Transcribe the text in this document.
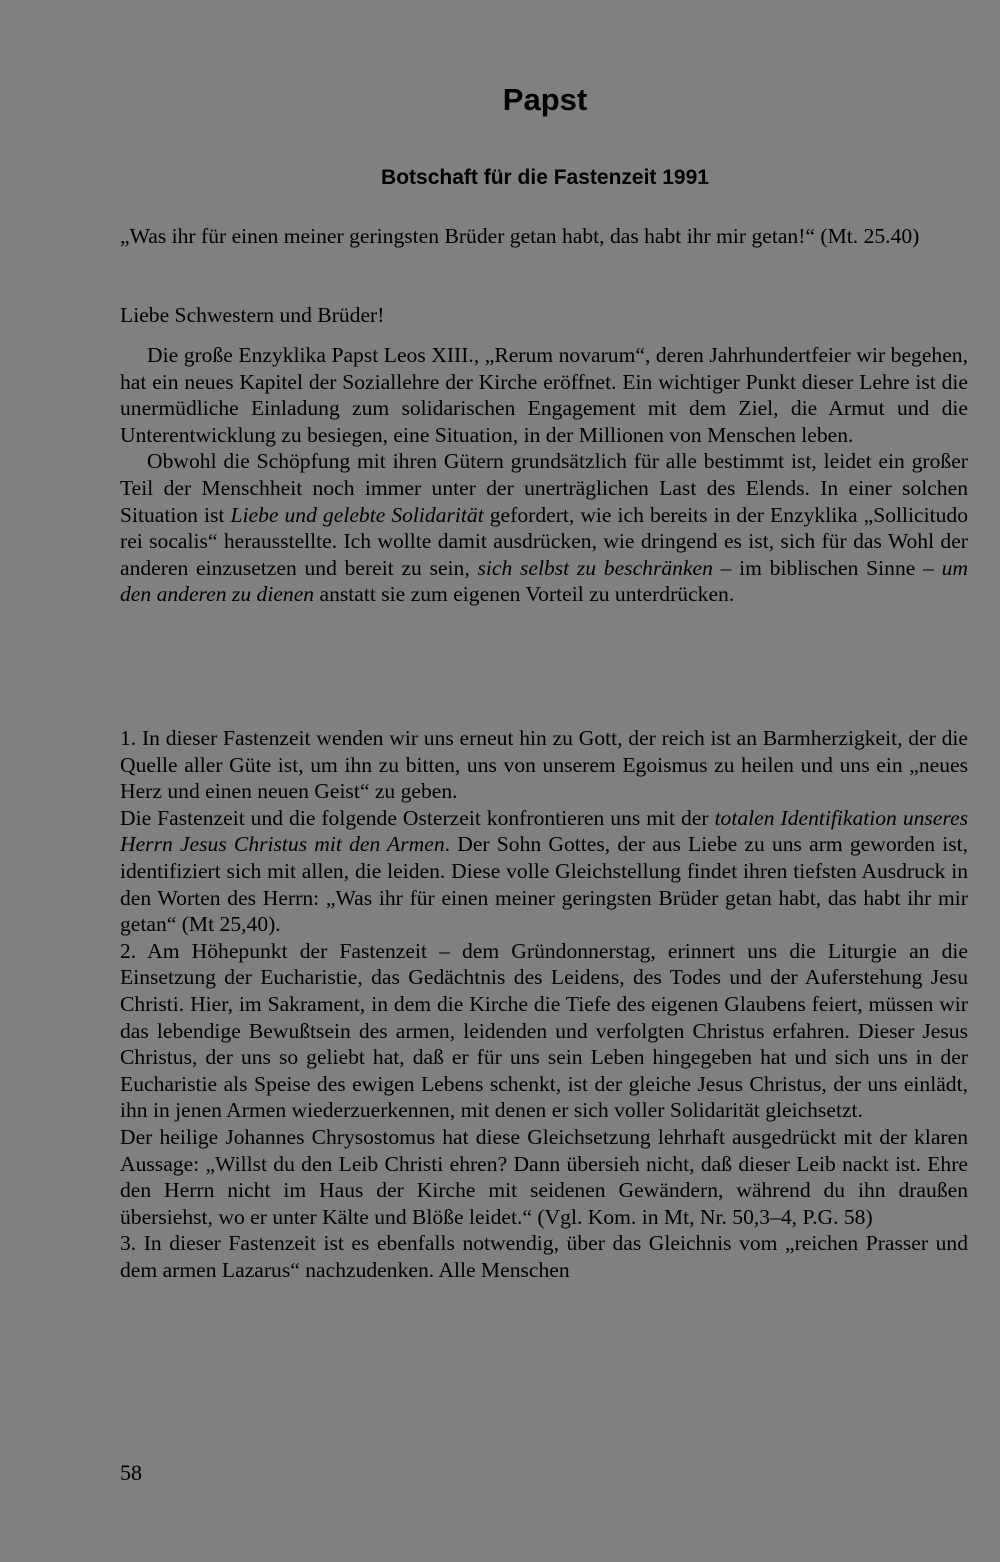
Papst
Botschaft für die Fastenzeit 1991

„Was ihr für einen meiner geringsten Brüder getan habt, das habt ihr mir getan!“ (Mt. 25.40)

Liebe Schwestern und Brüder!

Die große Enzyklika Papst Leos XIII., „Rerum novarum“, deren Jahrhundertfeier wir begehen, hat ein neues Kapitel der Soziallehre der Kirche eröffnet. Ein wichtiger Punkt dieser Lehre ist die unermüdliche Einladung zum solidarischen Engagement mit dem Ziel, die Armut und die Unterentwicklung zu besiegen, eine Situation, in der Millionen von Menschen leben.

Obwohl die Schöpfung mit ihren Gütern grundsätzlich für alle bestimmt ist, leidet ein großer Teil der Menschheit noch immer unter der unerträglichen Last des Elends. In einer solchen Situation ist Liebe und gelebte Solidarität gefordert, wie ich bereits in der Enzyklika „Sollicitudo rei socalis“ herausstellte. Ich wollte damit ausdrücken, wie dringend es ist, sich für das Wohl der anderen einzusetzen und bereit zu sein, sich selbst zu beschränken – im biblischen Sinne – um den anderen zu dienen anstatt sie zum eigenen Vorteil zu unterdrücken.

1. In dieser Fastenzeit wenden wir uns erneut hin zu Gott, der reich ist an Barmherzigkeit, der die Quelle aller Güte ist, um ihn zu bitten, uns von unserem Egoismus zu heilen und uns ein „neues Herz und einen neuen Geist“ zu geben.

Die Fastenzeit und die folgende Osterzeit konfrontieren uns mit der totalen Identifikation unseres Herrn Jesus Christus mit den Armen. Der Sohn Gottes, der aus Liebe zu uns arm geworden ist, identifiziert sich mit allen, die leiden. Diese volle Gleichstellung findet ihren tiefsten Ausdruck in den Worten des Herrn: „Was ihr für einen meiner geringsten Brüder getan habt, das habt ihr mir getan“ (Mt 25,40).

2. Am Höhepunkt der Fastenzeit – dem Gründonnerstag, erinnert uns die Liturgie an die Einsetzung der Eucharistie, das Gedächtnis des Leidens, des Todes und der Auferstehung Jesu Christi. Hier, im Sakrament, in dem die Kirche die Tiefe des eigenen Glaubens feiert, müssen wir das lebendige Bewußtsein des armen, leidenden und verfolgten Christus erfahren. Dieser Jesus Christus, der uns so geliebt hat, daß er für uns sein Leben hingegeben hat und sich uns in der Eucharistie als Speise des ewigen Lebens schenkt, ist der gleiche Jesus Christus, der uns einlädt, ihn in jenen Armen wiederzuerkennen, mit denen er sich voller Solidarität gleichsetzt.

Der heilige Johannes Chrysostomus hat diese Gleichsetzung lehrhaft ausgedrückt mit der klaren Aussage: „Willst du den Leib Christi ehren? Dann übersieh nicht, daß dieser Leib nackt ist. Ehre den Herrn nicht im Haus der Kirche mit seidenen Gewändern, während du ihn draußen übersiehst, wo er unter Kälte und Blöße leidet.“ (Vgl. Kom. in Mt, Nr. 50,3–4, P.G. 58)

3. In dieser Fastenzeit ist es ebenfalls notwendig, über das Gleichnis vom „reichen Prasser und dem armen Lazarus“ nachzudenken. Alle Menschen

58
